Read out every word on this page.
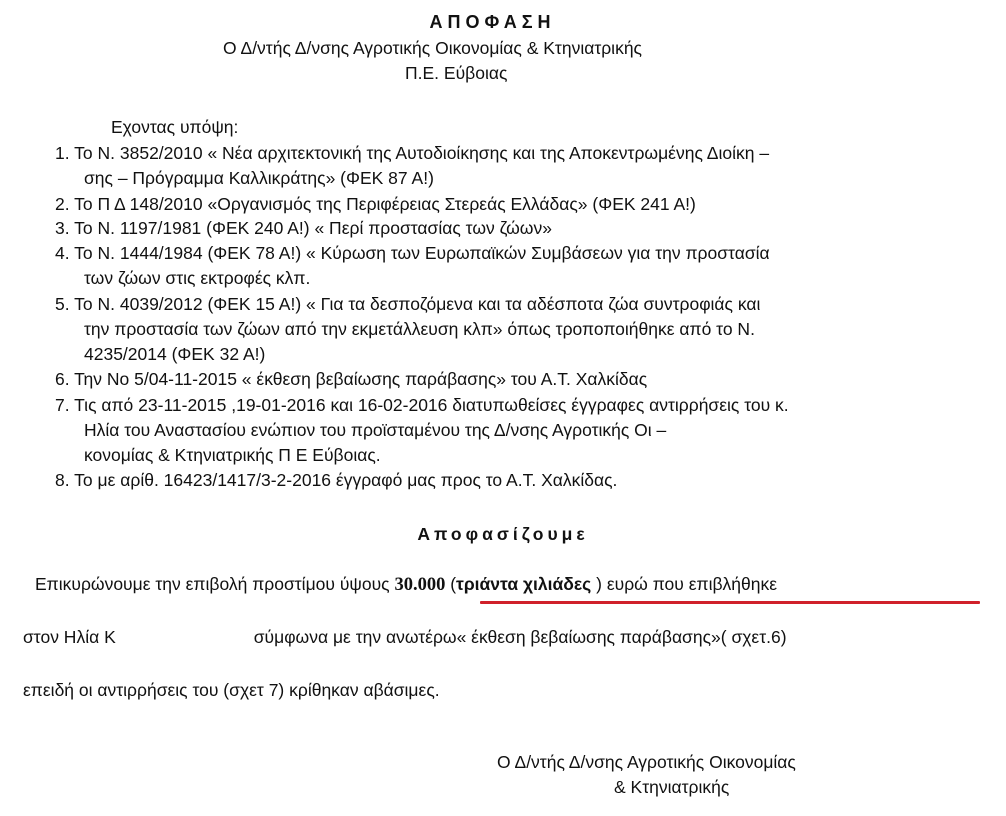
ΑΠΟΦΑΣΗ
Ο Δ/ντής Δ/νσης Αγροτικής Οικονομίας & Κτηνιατρικής
Π.Ε. Εύβοιας
Εχοντας υπόψη:
1. Το Ν. 3852/2010 « Νέα αρχιτεκτονική της Αυτοδιοίκησης και της Αποκεντρωμένης Διοίκη –
σης – Πρόγραμμα Καλλικράτης» (ΦΕΚ 87 Α!)
2. Το Π Δ 148/2010 «Οργανισμός της Περιφέρειας Στερεάς Ελλάδας» (ΦΕΚ 241 Α!)
3. Το Ν. 1197/1981 (ΦΕΚ 240 Α!) « Περί προστασίας των ζώων»
4. Το Ν. 1444/1984 (ΦΕΚ 78 Α!) « Κύρωση των Ευρωπαϊκών Συμβάσεων για την προστασία
των ζώων στις εκτροφές κλπ.
5. Το Ν. 4039/2012 (ΦΕΚ 15 Α!) « Για τα δεσποζόμενα και τα αδέσποτα ζώα συντροφιάς και
την προστασία των ζώων από την εκμετάλλευση κλπ» όπως τροποποιήθηκε από το Ν.
4235/2014 (ΦΕΚ 32 Α!)
6. Την Νο 5/04-11-2015 « έκθεση βεβαίωσης παράβασης» του Α.Τ. Χαλκίδας
7. Τις από 23-11-2015 ,19-01-2016 και 16-02-2016 διατυπωθείσες έγγραφες αντιρρήσεις του κ.
Ηλία του Αναστασίου ενώπιον του προϊσταμένου της Δ/νσης Αγροτικής Οι –
κονομίας & Κτηνιατρικής Π Ε Εύβοιας.
8. Το με αρίθ. 16423/1417/3-2-2016 έγγραφό μας προς το Α.Τ. Χαλκίδας.
Αποφασίζουμε
Επικυρώνουμε την επιβολή προστίμου ύψους 30.000 (τριάντα χιλιάδες ) ευρώ που επιβλήθηκε
στον Ηλία Κ	σύμφωνα με την ανωτέρω« έκθεση βεβαίωσης παράβασης»( σχετ.6)
επειδή οι αντιρρήσεις του (σχετ 7) κρίθηκαν αβάσιμες.
Ο Δ/ντής Δ/νσης Αγροτικής Οικονομίας
& Κτηνιατρικής
